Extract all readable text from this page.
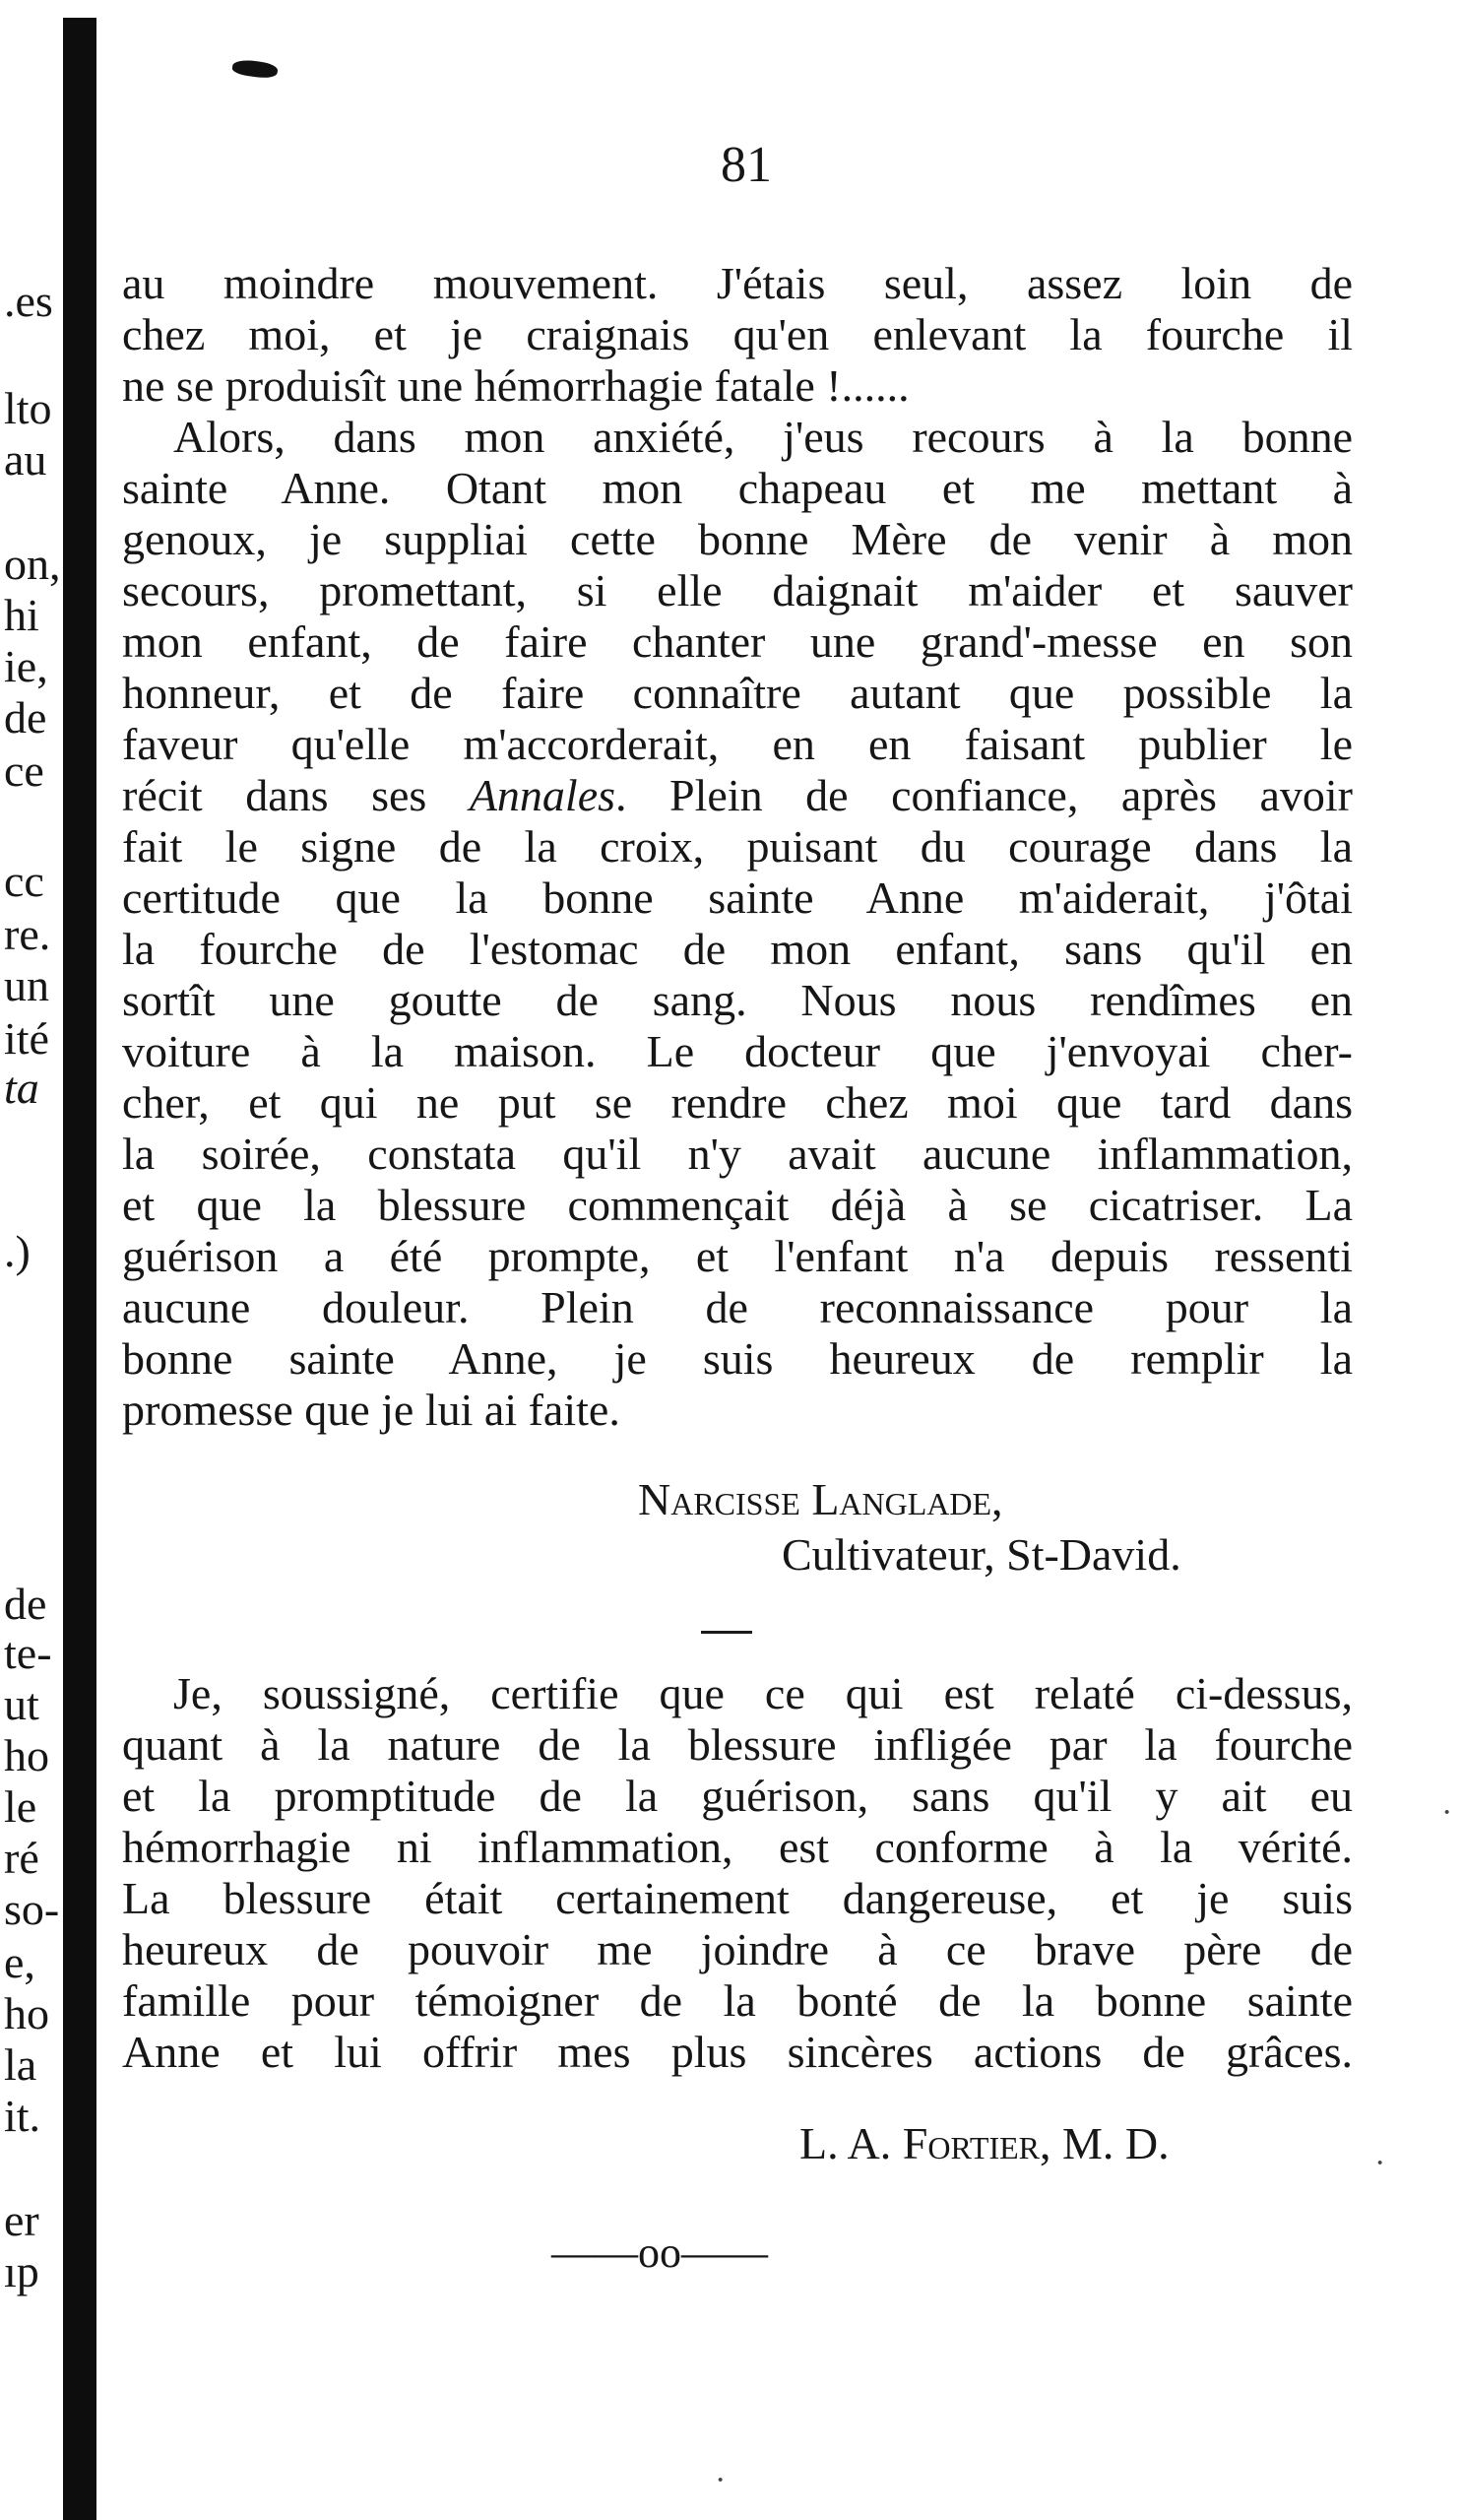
.es
lto
au
on,
hi
ie,
de
ce
cc
re.
un
ité
ta
.)
de
te-
ut
ho
le
ré
so-
e,
ho
la
it.
er
ıp
81
au moindre mouvement. J'étais seul, assez loin de
chez moi, et je craignais qu'en enlevant la fourche il
ne se produisît une hémorrhagie fatale !......
Alors, dans mon anxiété, j'eus recours à la bonne
sainte Anne. Otant mon chapeau et me mettant à
genoux, je suppliai cette bonne Mère de venir à mon
secours, promettant, si elle daignait m'aider et sauver
mon enfant, de faire chanter une grand'-messe en son
honneur, et de faire connaître autant que possible la
faveur qu'elle m'accorderait, en en faisant publier le
récit dans ses Annales. Plein de confiance, après avoir
fait le signe de la croix, puisant du courage dans la
certitude que la bonne sainte Anne m'aiderait, j'ôtai
la fourche de l'estomac de mon enfant, sans qu'il en
sortît une goutte de sang. Nous nous rendîmes en
voiture à la maison. Le docteur que j'envoyai cher-
cher, et qui ne put se rendre chez moi que tard dans
la soirée, constata qu'il n'y avait aucune inflammation,
et que la blessure commençait déjà à se cicatriser. La
guérison a été prompte, et l'enfant n'a depuis ressenti
aucune douleur. Plein de reconnaissance pour la
bonne sainte Anne, je suis heureux de remplir la
promesse que je lui ai faite.
Narcisse Langlade,
Cultivateur, St-David.
Je, soussigné, certifie que ce qui est relaté ci-dessus,
quant à la nature de la blessure infligée par la fourche
et la promptitude de la guérison, sans qu'il y ait eu
hémorrhagie ni inflammation, est conforme à la vérité.
La blessure était certainement dangereuse, et je suis
heureux de pouvoir me joindre à ce brave père de
famille pour témoigner de la bonté de la bonne sainte
Anne et lui offrir mes plus sincères actions de grâces.
L. A. Fortier, M. D.
——oo——
·
·
·
